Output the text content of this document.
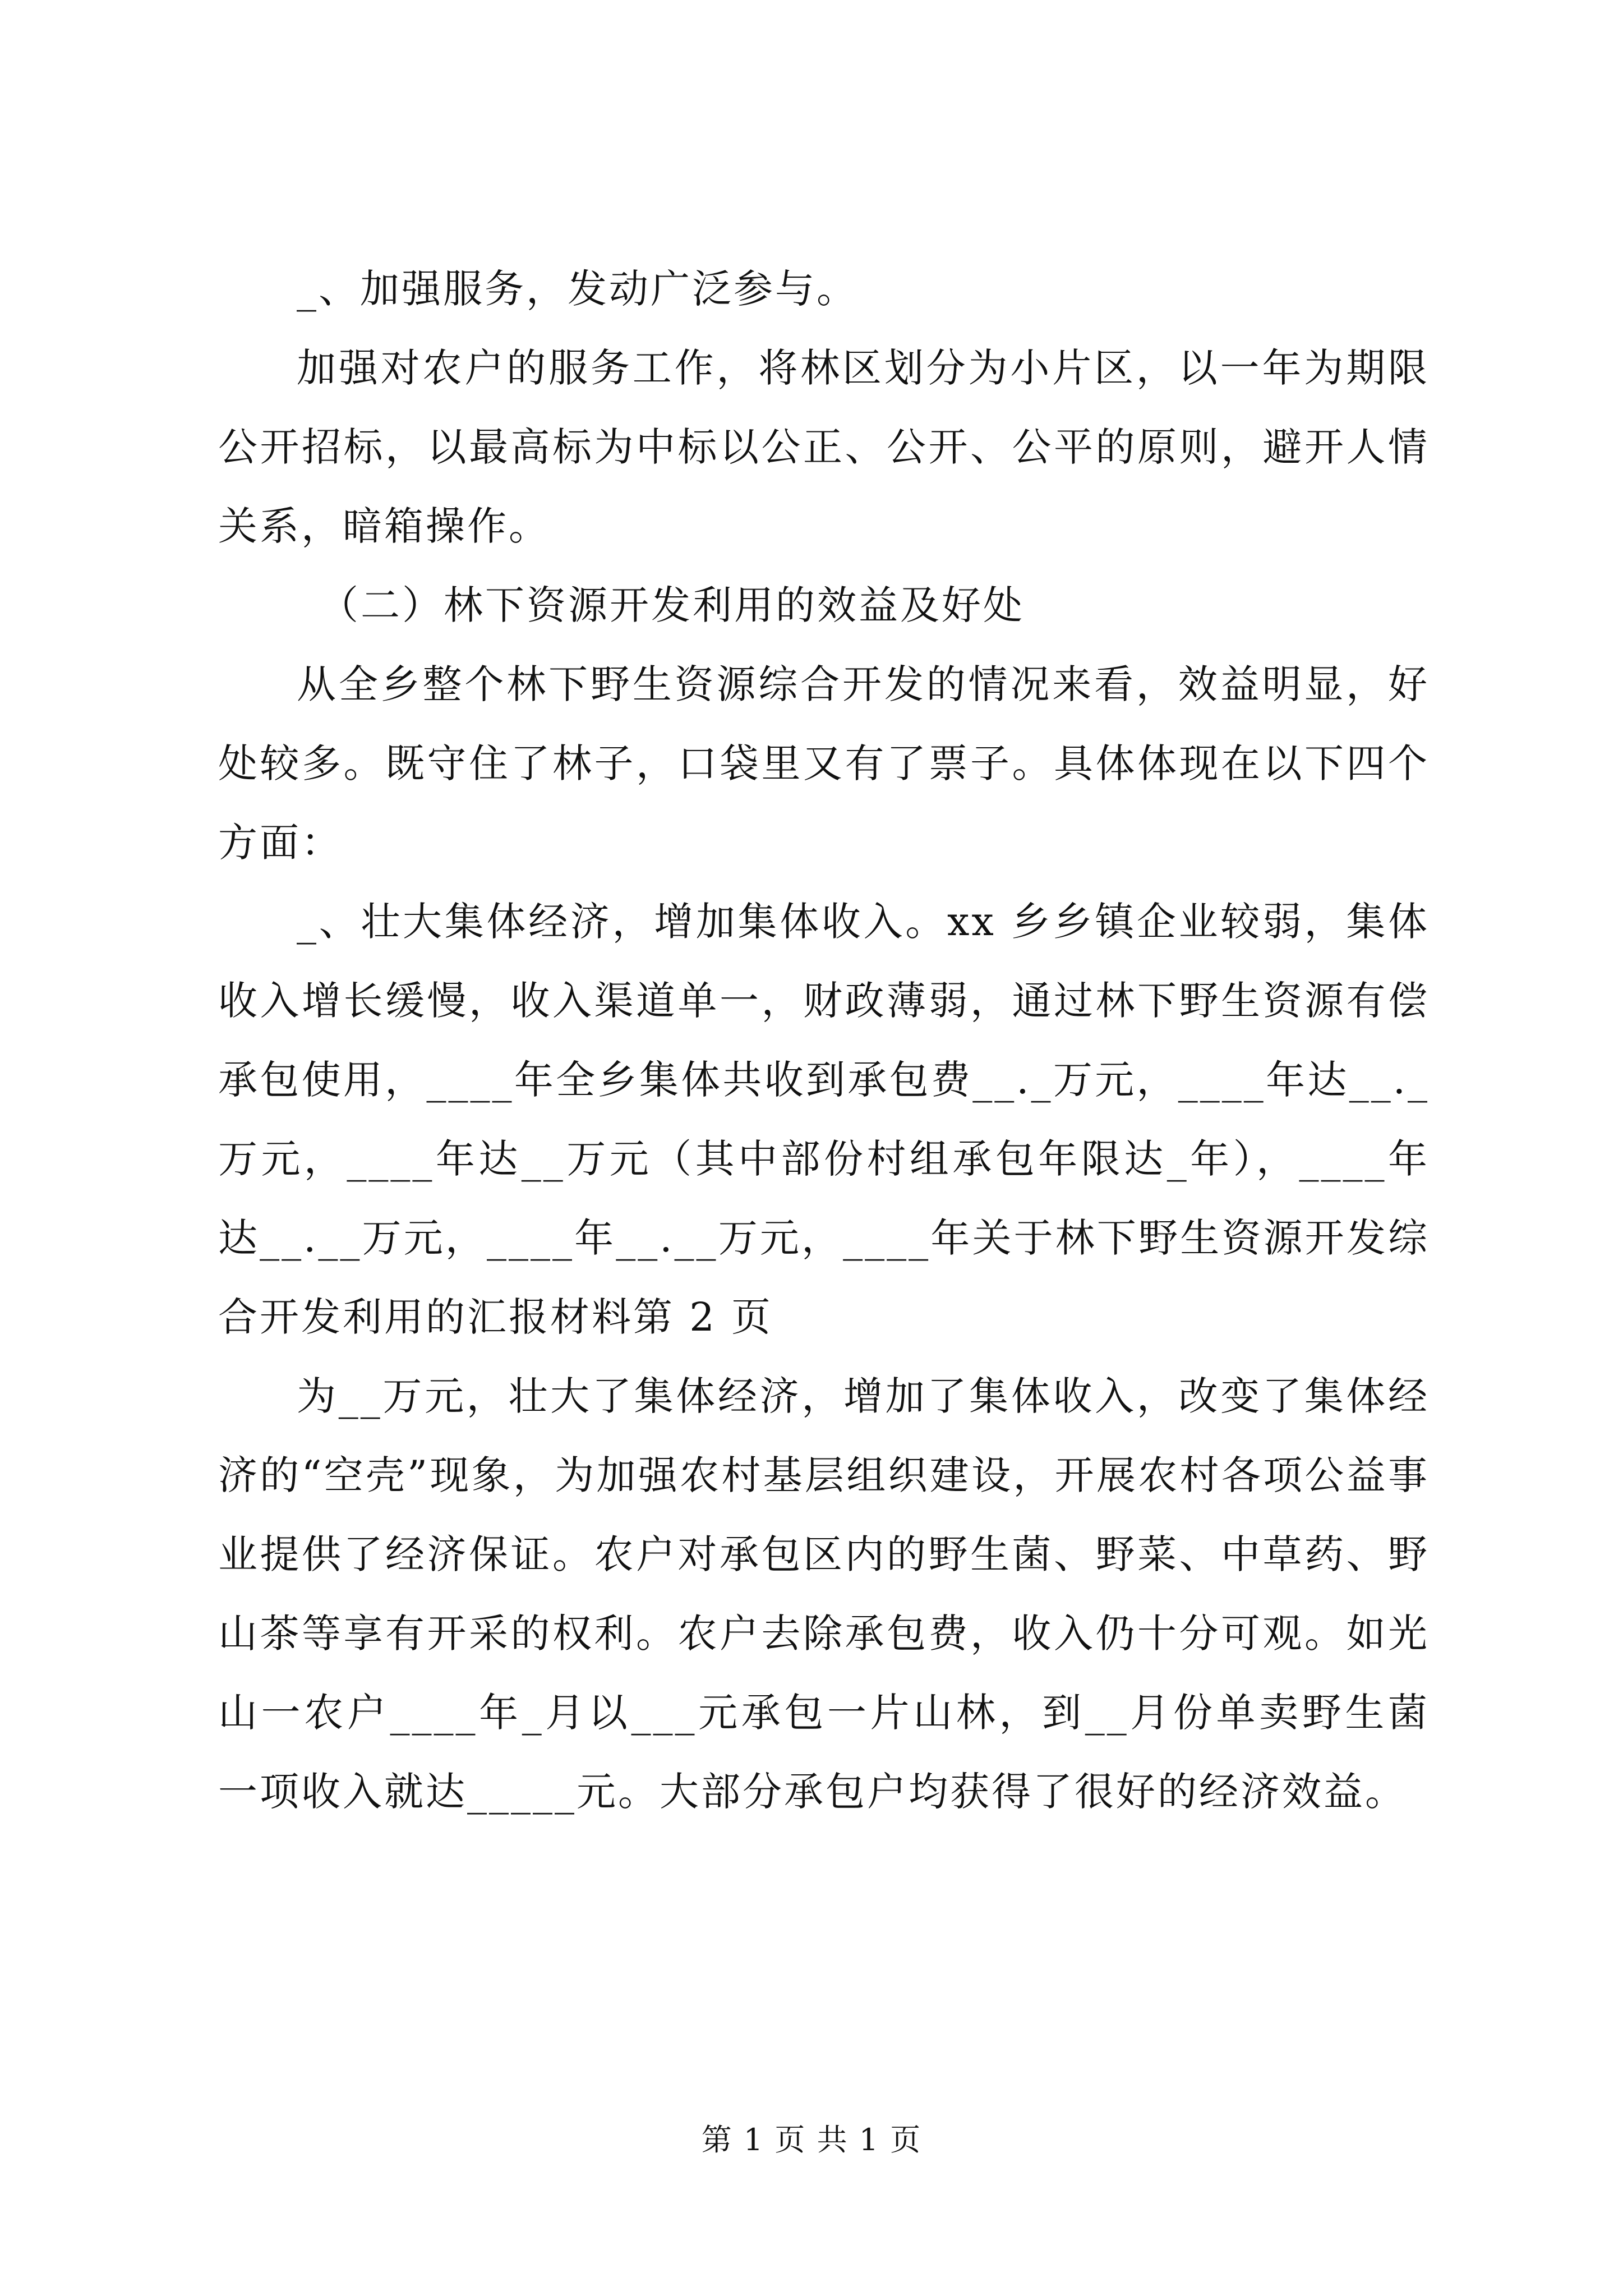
_、加强服务，发动广泛参与。

加强对农户的服务工作，将林区划分为小片区，以一年为期限公开招标，以最高标为中标以公正、公开、公平的原则，避开人情关系，暗箱操作。

（二）林下资源开发利用的效益及好处

从全乡整个林下野生资源综合开发的情况来看，效益明显，好处较多。既守住了林子，口袋里又有了票子。具体体现在以下四个方面：

_、壮大集体经济，增加集体收入。xx 乡乡镇企业较弱，集体收入增长缓慢，收入渠道单一，财政薄弱，通过林下野生资源有偿承包使用，____年全乡集体共收到承包费__._万元，____年达__._万元，____年达__万元（其中部份村组承包年限达_年），____年达__.__万元，____年__.__万元，____年关于林下野生资源开发综合开发利用的汇报材料第 2 页

为__万元，壮大了集体经济，增加了集体收入，改变了集体经济的“空壳”现象，为加强农村基层组织建设，开展农村各项公益事业提供了经济保证。农户对承包区内的野生菌、野菜、中草药、野山茶等享有开采的权利。农户去除承包费，收入仍十分可观。如光山一农户____年_月以___元承包一片山林，到__月份单卖野生菌一项收入就达_____元。大部分承包户均获得了很好的经济效益。

第 1 页 共 1 页
